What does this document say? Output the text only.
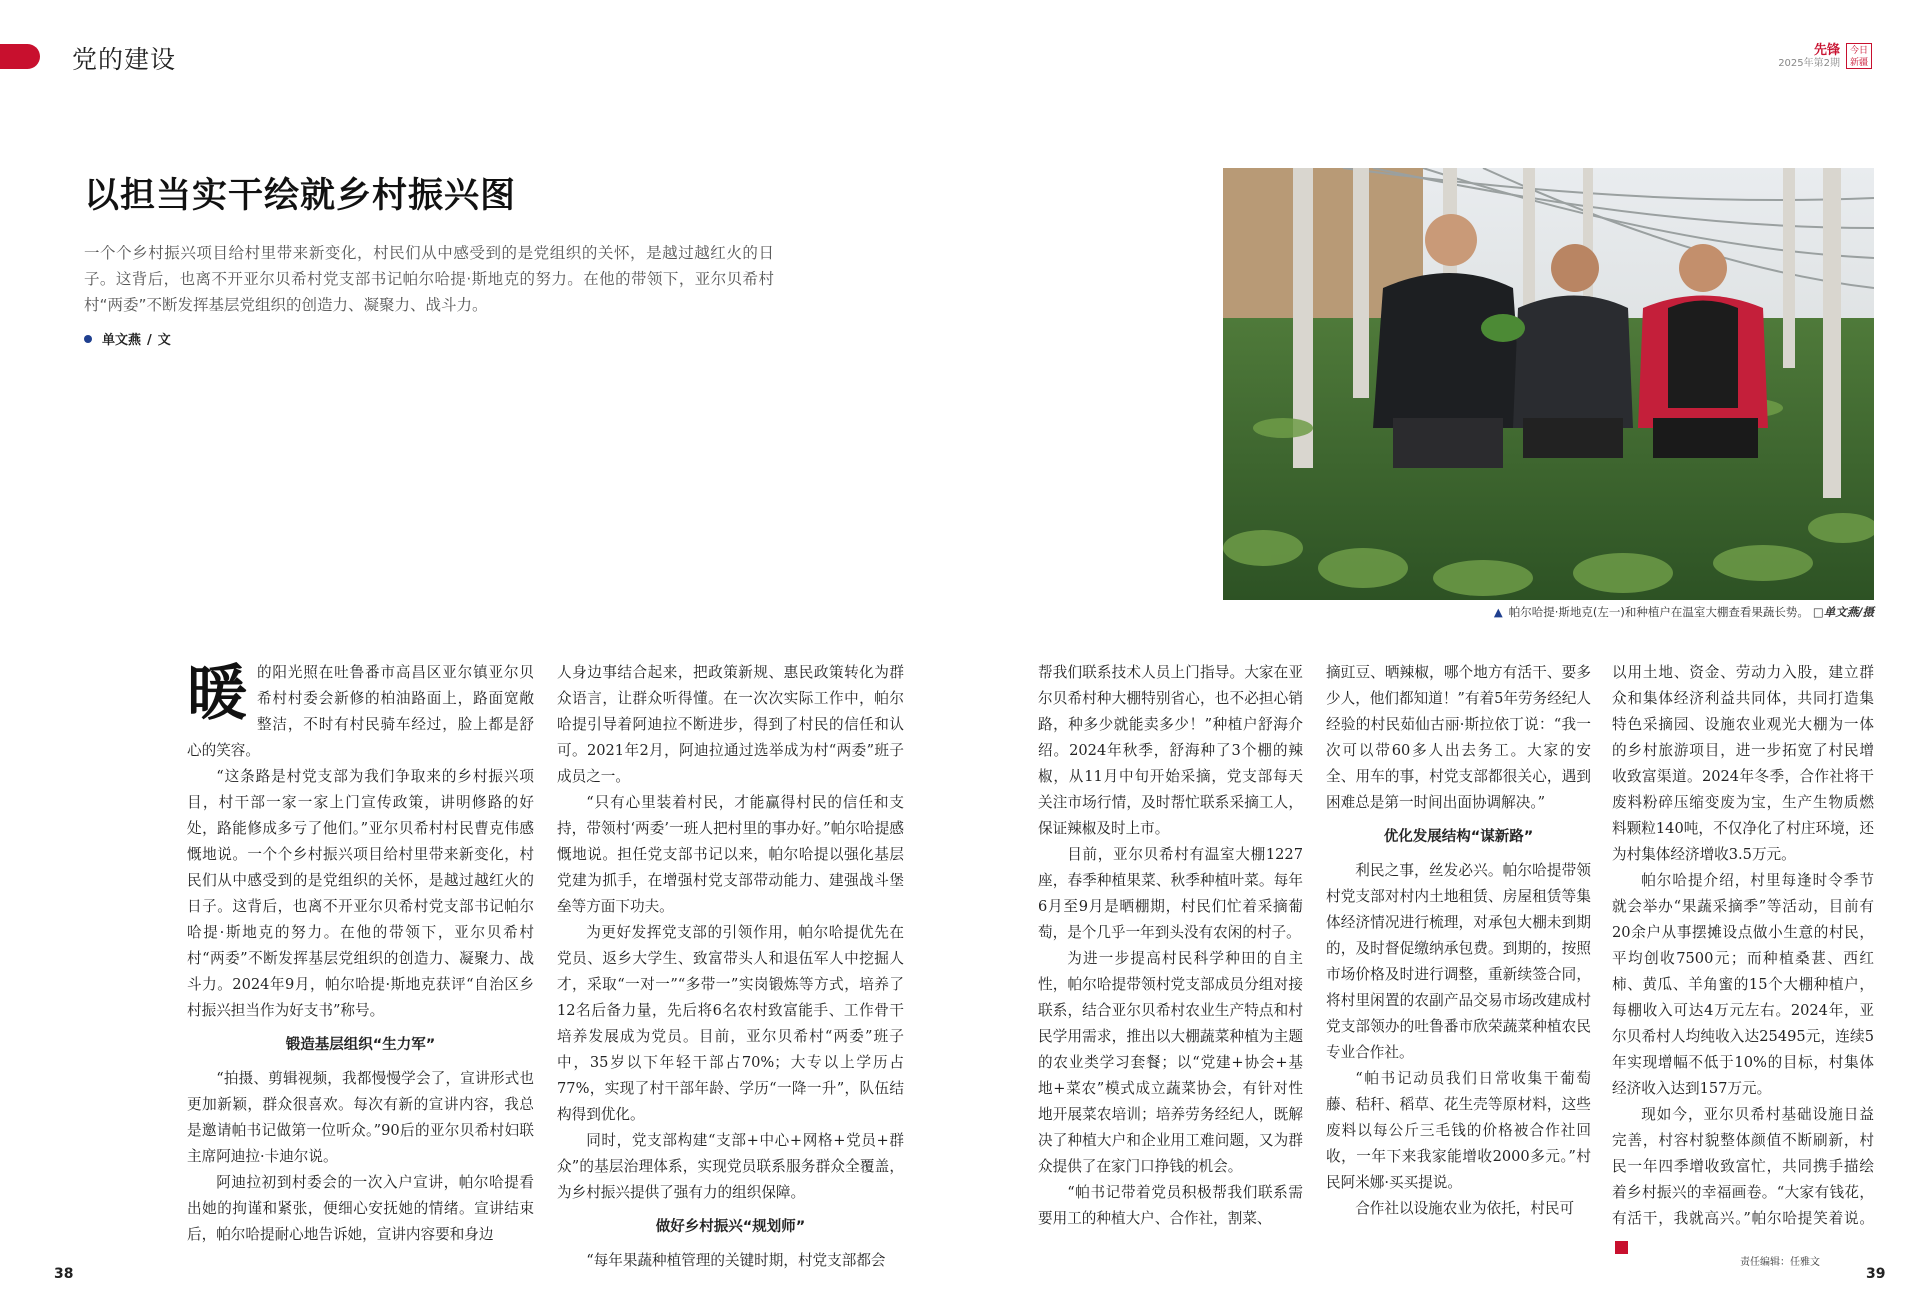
党的建设	先锋
2025年第2期
今日新疆
以担当实干绘就乡村振兴图
一个个乡村振兴项目给村里带来新变化，村民们从中感受到的是党组织的关怀，是越过越红火的日子。这背后，也离不开亚尔贝希村党支部书记帕尔哈提·斯地克的努力。在他的带领下，亚尔贝希村村“两委”不断发挥基层党组织的创造力、凝聚力、战斗力。
单文燕 / 文
▲ 帕尔哈提·斯地克(左一)和种植户在温室大棚查看果蔬长势。 □单文燕/摄

暖的阳光照在吐鲁番市高昌区亚尔镇亚尔贝希村村委会新修的柏油路面上，路面宽敞整洁，不时有村民骑车经过，脸上都是舒心的笑容。

“这条路是村党支部为我们争取来的乡村振兴项目，村干部一家一家上门宣传政策，讲明修路的好处，路能修成多亏了他们。”亚尔贝希村村民曹克伟感慨地说。一个个乡村振兴项目给村里带来新变化，村民们从中感受到的是党组织的关怀，是越过越红火的日子。这背后，也离不开亚尔贝希村党支部书记帕尔哈提·斯地克的努力。在他的带领下，亚尔贝希村村“两委”不断发挥基层党组织的创造力、凝聚力、战斗力。2024年9月，帕尔哈提·斯地克获评“自治区乡村振兴担当作为好支书”称号。

锻造基层组织“生力军”

“拍摄、剪辑视频，我都慢慢学会了，宣讲形式也更加新颖，群众很喜欢。每次有新的宣讲内容，我总是邀请帕书记做第一位听众。”90后的亚尔贝希村妇联主席阿迪拉·卡迪尔说。

阿迪拉初到村委会的一次入户宣讲，帕尔哈提看出她的拘谨和紧张，便细心安抚她的情绪。宣讲结束后，帕尔哈提耐心地告诉她，宣讲内容要和身边

人身边事结合起来，把政策新规、惠民政策转化为群众语言，让群众听得懂。在一次次实际工作中，帕尔哈提引导着阿迪拉不断进步，得到了村民的信任和认可。2021年2月，阿迪拉通过选举成为村“两委”班子成员之一。

“只有心里装着村民，才能赢得村民的信任和支持，带领村‘两委’一班人把村里的事办好。”帕尔哈提感慨地说。担任党支部书记以来，帕尔哈提以强化基层党建为抓手，在增强村党支部带动能力、建强战斗堡垒等方面下功夫。

为更好发挥党支部的引领作用，帕尔哈提优先在党员、返乡大学生、致富带头人和退伍军人中挖掘人才，采取“一对一”“多带一”实岗锻炼等方式，培养了12名后备力量，先后将6名农村致富能手、工作骨干培养发展成为党员。目前，亚尔贝希村“两委”班子中，35岁以下年轻干部占70%；大专以上学历占77%，实现了村干部年龄、学历“一降一升”，队伍结构得到优化。

同时，党支部构建“支部+中心+网格+党员+群众”的基层治理体系，实现党员联系服务群众全覆盖，为乡村振兴提供了强有力的组织保障。

做好乡村振兴“规划师”

“每年果蔬种植管理的关键时期，村党支部都会

帮我们联系技术人员上门指导。大家在亚尔贝希村种大棚特别省心，也不必担心销路，种多少就能卖多少！”种植户舒海介绍。2024年秋季，舒海种了3个棚的辣椒，从11月中旬开始采摘，党支部每天关注市场行情，及时帮忙联系采摘工人，保证辣椒及时上市。

目前，亚尔贝希村有温室大棚1227座，春季种植果菜、秋季种植叶菜。每年6月至9月是晒棚期，村民们忙着采摘葡萄，是个几乎一年到头没有农闲的村子。

为进一步提高村民科学种田的自主性，帕尔哈提带领村党支部成员分组对接联系，结合亚尔贝希村农业生产特点和村民学用需求，推出以大棚蔬菜种植为主题的农业类学习套餐；以“党建+协会+基地+菜农”模式成立蔬菜协会，有针对性地开展菜农培训；培养劳务经纪人，既解决了种植大户和企业用工难问题，又为群众提供了在家门口挣钱的机会。

“帕书记带着党员积极帮我们联系需要用工的种植大户、合作社，割菜、

摘豇豆、晒辣椒，哪个地方有活干、要多少人，他们都知道！”有着5年劳务经纪人经验的村民茹仙古丽·斯拉依丁说：“我一次可以带60多人出去务工。大家的安全、用车的事，村党支部都很关心，遇到困难总是第一时间出面协调解决。”

优化发展结构“谋新路”

利民之事，丝发必兴。帕尔哈提带领村党支部对村内土地租赁、房屋租赁等集体经济情况进行梳理，对承包大棚未到期的，及时督促缴纳承包费。到期的，按照市场价格及时进行调整，重新续签合同，将村里闲置的农副产品交易市场改建成村党支部领办的吐鲁番市欣荣蔬菜种植农民专业合作社。

“帕书记动员我们日常收集干葡萄藤、秸秆、稻草、花生壳等原材料，这些废料以每公斤三毛钱的价格被合作社回收，一年下来我家能增收2000多元。”村民阿米娜·买买提说。

合作社以设施农业为依托，村民可

以用土地、资金、劳动力入股，建立群众和集体经济利益共同体，共同打造集特色采摘园、设施农业观光大棚为一体的乡村旅游项目，进一步拓宽了村民增收致富渠道。2024年冬季，合作社将干废料粉碎压缩变废为宝，生产生物质燃料颗粒140吨，不仅净化了村庄环境，还为村集体经济增收3.5万元。

帕尔哈提介绍，村里每逢时令季节就会举办“果蔬采摘季”等活动，目前有20余户从事摆摊设点做小生意的村民，平均创收7500元；而种植桑葚、西红柿、黄瓜、羊角蜜的15个大棚种植户，每棚收入可达4万元左右。2024年，亚尔贝希村人均纯收入达25495元，连续5年实现增幅不低于10%的目标，村集体经济收入达到157万元。

现如今，亚尔贝希村基础设施日益完善，村容村貌整体颜值不断刷新，村民一年四季增收致富忙，共同携手描绘着乡村振兴的幸福画卷。“大家有钱花，有活干，我就高兴。”帕尔哈提笑着说。J

38	39
责任编辑：任雅文
